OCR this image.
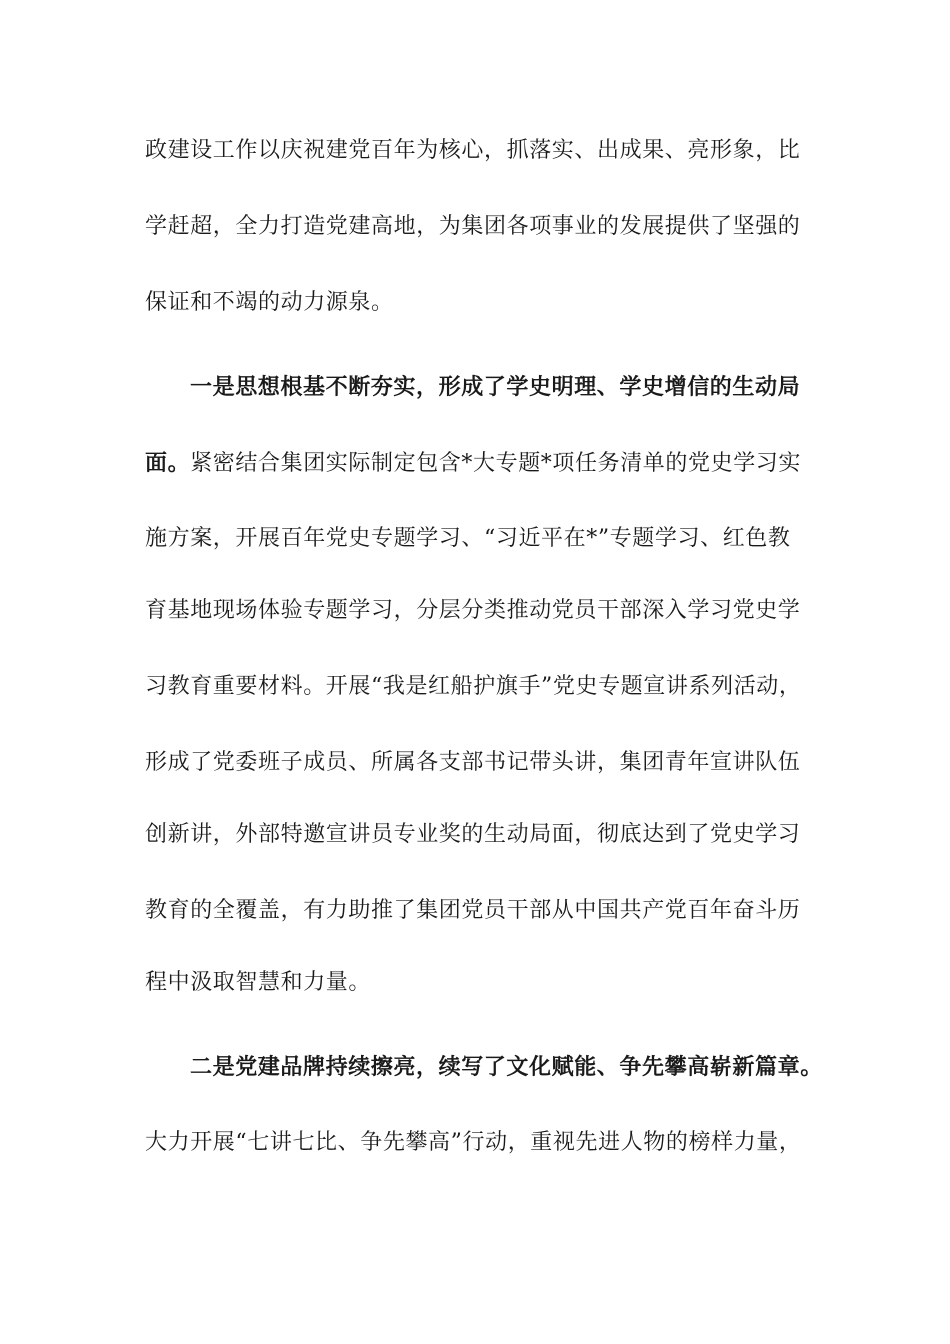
政建设工作以庆祝建党百年为核心，抓落实、出成果、亮形象，比
学赶超，全力打造党建高地，为集团各项事业的发展提供了坚强的
保证和不竭的动力源泉。
一是思想根基不断夯实，形成了学史明理、学史增信的生动局
面。紧密结合集团实际制定包含*大专题*项任务清单的党史学习实
施方案，开展百年党史专题学习、“习近平在*”专题学习、红色教
育基地现场体验专题学习，分层分类推动党员干部深入学习党史学
习教育重要材料。开展“我是红船护旗手”党史专题宣讲系列活动，
形成了党委班子成员、所属各支部书记带头讲，集团青年宣讲队伍
创新讲，外部特邀宣讲员专业奖的生动局面，彻底达到了党史学习
教育的全覆盖，有力助推了集团党员干部从中国共产党百年奋斗历
程中汲取智慧和力量。
二是党建品牌持续擦亮，续写了文化赋能、争先攀高崭新篇章。
大力开展“七讲七比、争先攀高”行动，重视先进人物的榜样力量，
